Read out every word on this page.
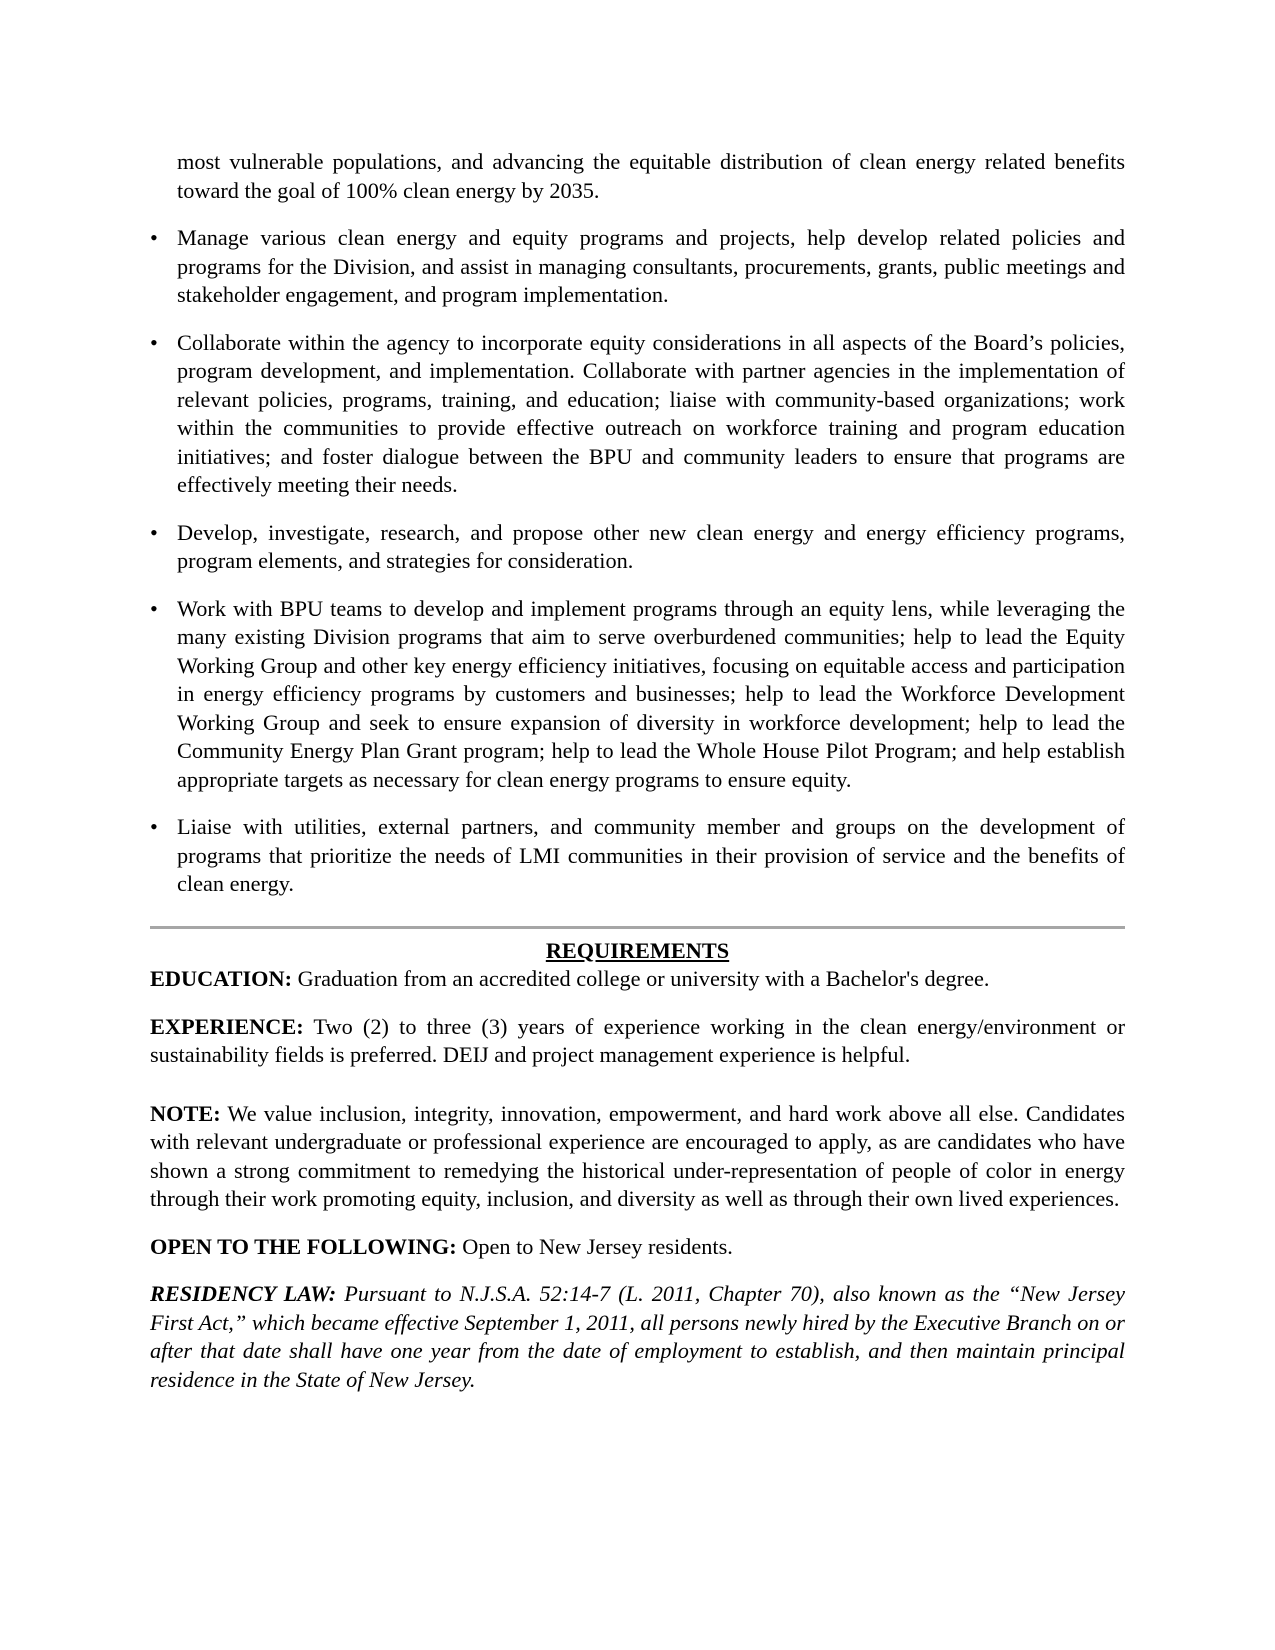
most vulnerable populations, and advancing the equitable distribution of clean energy related benefits toward the goal of 100% clean energy by 2035.

• Manage various clean energy and equity programs and projects, help develop related policies and programs for the Division, and assist in managing consultants, procurements, grants, public meetings and stakeholder engagement, and program implementation.
• Collaborate within the agency to incorporate equity considerations in all aspects of the Board’s policies, program development, and implementation. Collaborate with partner agencies in the implementation of relevant policies, programs, training, and education; liaise with community-based organizations; work within the communities to provide effective outreach on workforce training and program education initiatives; and foster dialogue between the BPU and community leaders to ensure that programs are effectively meeting their needs.
• Develop, investigate, research, and propose other new clean energy and energy efficiency programs, program elements, and strategies for consideration.
• Work with BPU teams to develop and implement programs through an equity lens, while leveraging the many existing Division programs that aim to serve overburdened communities; help to lead the Equity Working Group and other key energy efficiency initiatives, focusing on equitable access and participation in energy efficiency programs by customers and businesses; help to lead the Workforce Development Working Group and seek to ensure expansion of diversity in workforce development; help to lead the Community Energy Plan Grant program; help to lead the Whole House Pilot Program; and help establish appropriate targets as necessary for clean energy programs to ensure equity.
• Liaise with utilities, external partners, and community member and groups on the development of programs that prioritize the needs of LMI communities in their provision of service and the benefits of clean energy.

REQUIREMENTS

EDUCATION: Graduation from an accredited college or university with a Bachelor's degree.

EXPERIENCE: Two (2) to three (3) years of experience working in the clean energy/environment or sustainability fields is preferred. DEIJ and project management experience is helpful.

NOTE: We value inclusion, integrity, innovation, empowerment, and hard work above all else. Candidates with relevant undergraduate or professional experience are encouraged to apply, as are candidates who have shown a strong commitment to remedying the historical under-representation of people of color in energy through their work promoting equity, inclusion, and diversity as well as through their own lived experiences.

OPEN TO THE FOLLOWING: Open to New Jersey residents.

RESIDENCY LAW: Pursuant to N.J.S.A. 52:14-7 (L. 2011, Chapter 70), also known as the “New Jersey First Act,” which became effective September 1, 2011, all persons newly hired by the Executive Branch on or after that date shall have one year from the date of employment to establish, and then maintain principal residence in the State of New Jersey.
